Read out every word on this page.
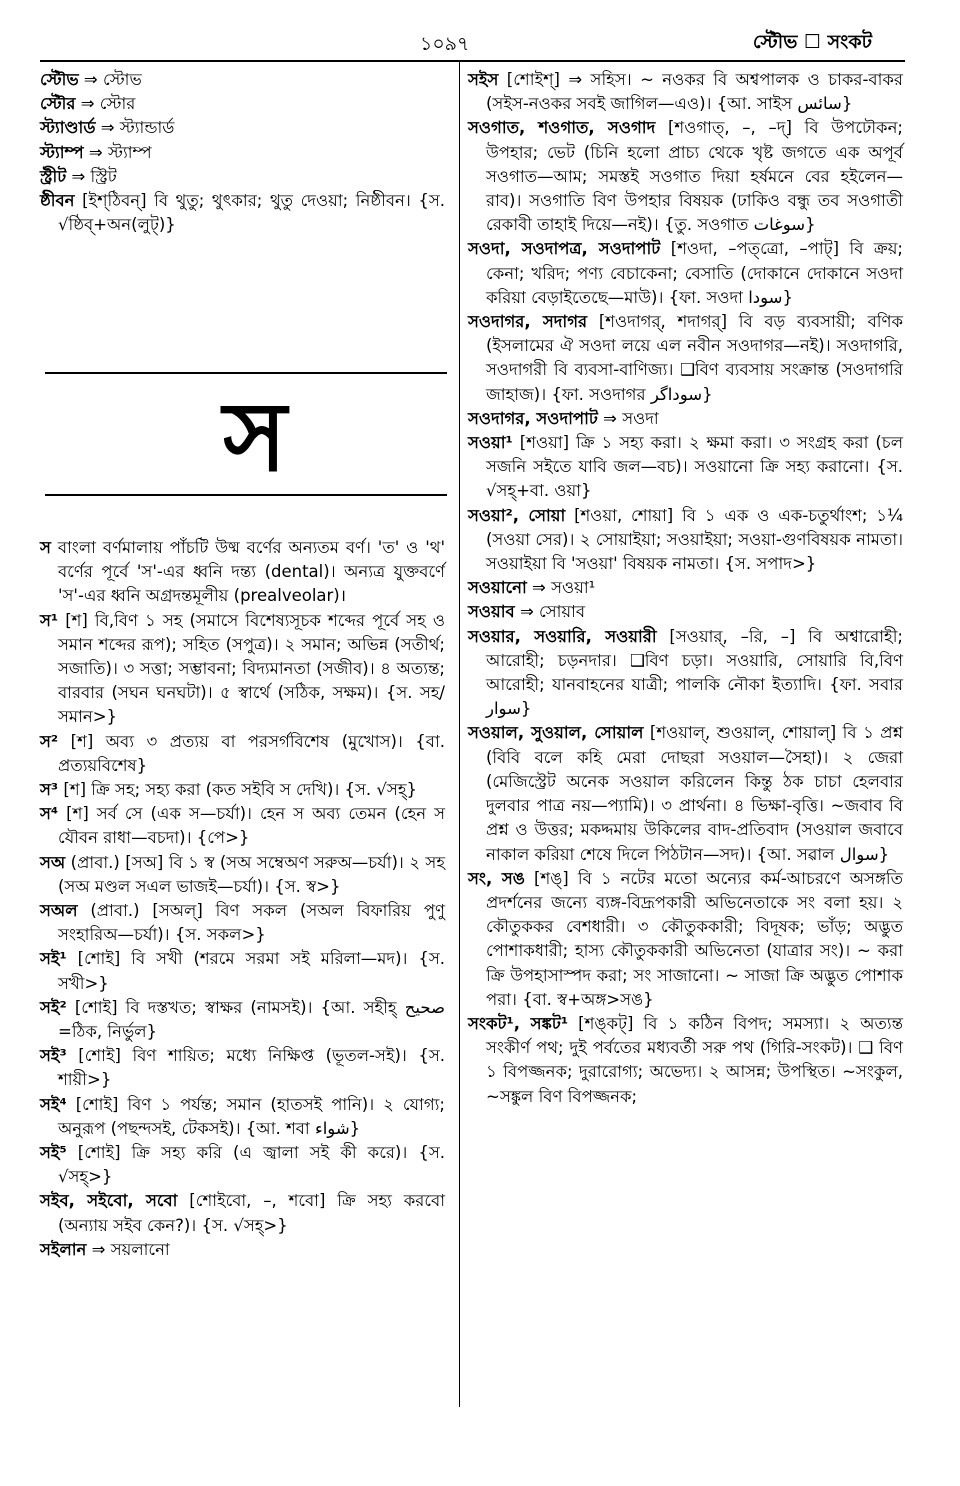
১০৯৭	স্টৌভ ☐ সংকট

স্টৌভ ⇒ স্টোভ

স্টৌর ⇒ স্টোর

স্ট্যাণ্ডার্ড ⇒ স্ট্যান্ডার্ড

স্ট্যাম্প ⇒ স্ট্যাম্প

স্ট্রীট ⇒ স্ট্রিট

ষ্ঠীবন [ইশ্‌ঠিবন্‌] বি থুতু; থুৎকার; থুতু দেওয়া; নিষ্ঠীবন। {স. √ষ্ঠিব্‌+অন(লুট্‌)}

স

স বাংলা বর্ণমালায় পাঁচটি উষ্ম বর্ণের অন্যতম বর্ণ। 'ত' ও 'থ' বর্ণের পূর্বে 'স'-এর ধ্বনি দন্ত্য (dental)। অন্যত্র যুক্তবর্ণে 'স'-এর ধ্বনি অগ্রদন্তমূলীয় (prealveolar)।

স¹ [শ] বি,বিণ ১ সহ (সমাসে বিশেষ্যসূচক শব্দের পূর্বে সহ ও সমান শব্দের রূপ); সহিত (সপুত্র)। ২ সমান; অভিন্ন (সতীর্থ; সজাতি)। ৩ সত্তা; সম্ভাবনা; বিদ্যমানতা (সজীব)। ৪ অত্যন্ত; বারবার (সঘন ঘনঘটা)। ৫ স্বার্থে (সঠিক, সক্ষম)। {স. সহ/সমান>}

স² [শ] অব্য ৩ প্রত্যয় বা পরসর্গবিশেষ (মুখোস)। {বা. প্রত্যয়বিশেষ}

স³ [শ] ক্রি সহ; সহ্য করা (কত সইবি স দেখি)। {স. √সহ্‌}

স⁴ [শ] সর্ব সে (এক স—চর্যা)। হেন স অব্য তেমন (হেন স যৌবন রাধা—বচদা)। {পে>}

সঅ (প্রাবা.) [সঅ] বি ১ স্ব (সঅ সম্বেঅণ সরুঅ—চর্যা)। ২ সহ (সঅ মণ্ডল সএল ভাজই—চর্যা)। {স. স্ব>}

সঅল (প্রাবা.) [সঅল্‌] বিণ সকল (সঅল বিফারিয় পুণু সংহারিঅ—চর্যা)। {স. সকল>}

সই¹ [শোই] বি সখী (শরমে সরমা সই মরিলা—মদ)। {স. সখী>}

সই² [শোই] বি দস্তখত; স্বাক্ষর (নামসই)। {আ. সহীহ্‌ صحيح =ঠিক, নির্ভুল}

সই³ [শোই] বিণ শায়িত; মধ্যে নিক্ষিপ্ত (ভূতল-সই)। {স. শায়ী>}

সই⁴ [শোই] বিণ ১ পর্যন্ত; সমান (হাতসই পানি)। ২ যোগ্য; অনুরূপ (পছন্দসই, টেকসই)। {আ. শবা شواء}

সই⁵ [শোই] ক্রি সহ্য করি (এ জ্বালা সই কী করে)। {স. √সহ্‌>}

সইব, সইবো, সবো [শোইবো, –, শবো] ক্রি সহ্য করবো (অন্যায় সইব কেন?)। {স. √সহ্‌>}

সইলান ⇒ সয়লানো

সইস [শোইশ্‌] ⇒ সহিস। ~ নওকর বি অশ্বপালক ও চাকর-বাকর (সইস-নওকর সবই জাগিল—এও)। {আ. সাইস سائس}

সওগাত, শওগাত, সওগাদ [শওগাত্‌, –, –দ্‌] বি উপঢৌকন; উপহার; ভেট (চিনি হলো প্রাচ্য থেকে খৃষ্ট জগতে এক অপূর্ব সওগাত—আম; সমস্তই সওগাত দিয়া হর্ষমনে বের হইলেন—রাব)। সওগাতি বিণ উপহার বিষয়ক (ঢাকিও বন্ধু তব সওগাতী রেকাবী তাহাই দিয়ে—নই)। {তু. সওগাত سوغات}

সওদা, সওদাপত্র, সওদাপাট [শওদা, –পত্‌ত্রো, –পাট্‌] বি ক্রয়; কেনা; খরিদ; পণ্য বেচাকেনা; বেসাতি (দোকানে দোকানে সওদা করিয়া বেড়াইতেছে—মাউ)। {ফা. সওদা سودا}

সওদাগর, সদাগর [শওদাগর্‌, শদাগর্‌] বি বড় ব্যবসায়ী; বণিক (ইসলামের ঐ সওদা লয়ে এল নবীন সওদাগর—নই)। সওদাগরি, সওদাগরী বি ব্যবসা-বাণিজ্য। ❑বিণ ব্যবসায় সংক্রান্ত (সওদাগরি জাহাজ)। {ফা. সওদাগর سوداگر}

সওদাগর, সওদাপাট ⇒ সওদা

সওয়া¹ [শওয়া] ক্রি ১ সহ্য করা। ২ ক্ষমা করা। ৩ সংগ্রহ করা (চল সজনি সইতে যাবি জল—বচ)। সওয়ানো ক্রি সহ্য করানো। {স. √সহ্‌+বা. ওয়া}

সওয়া², সোয়া [শওয়া, শোয়া] বি ১ এক ও এক-চতুর্থাংশ; ১¼ (সওয়া সের)। ২ সোয়াইয়া; সওয়াইয়া; সওয়া-গুণবিষয়ক নামতা। সওয়াইয়া বি 'সওয়া' বিষয়ক নামতা। {স. সপাদ>}

সওয়ানো ⇒ সওয়া¹

সওয়াব ⇒ সোয়াব

সওয়ার, সওয়ারি, সওয়ারী [সওয়ার্‌, –রি, –] বি অশ্বারোহী; আরোহী; চড়নদার। ❑বিণ চড়া। সওয়ারি, সোয়ারি বি,বিণ আরোহী; যানবাহনের যাত্রী; পালকি নৌকা ইত্যাদি। {ফা. সবার سوار}

সওয়াল, সুওয়াল, সোয়াল [শওয়াল্‌, শুওয়াল্‌, শোয়াল্‌] বি ১ প্রশ্ন (বিবি বলে কহি মেরা দোছরা সওয়াল—সৈহা)। ২ জেরা (মেজিস্ট্রেট অনেক সওয়াল করিলেন কিন্তু ঠক চাচা হেলবার দুলবার পাত্র নয়—প্যামি)। ৩ প্রার্থনা। ৪ ভিক্ষা-বৃত্তি। ~জবাব বি প্রশ্ন ও উত্তর; মকদ্দমায় উকিলের বাদ-প্রতিবাদ (সওয়াল জবাবে নাকাল করিয়া শেষে দিলে পিঠটান—সদ)। {আ. সৱাল سوال}

সং, সঙ [শঙ্‌] বি ১ নটের মতো অন্যের কর্ম-আচরণে অসঙ্গতি প্রদর্শনের জন্যে ব্যঙ্গ-বিদ্রূপকারী অভিনেতাকে সং বলা হয়। ২ কৌতুককর বেশধারী। ৩ কৌতুককারী; বিদূষক; ভাঁড়; অদ্ভুত পোশাকধারী; হাস্য কৌতুককারী অভিনেতা (যাত্রার সং)। ~ করা ক্রি উপহাসাস্পদ করা; সং সাজানো। ~ সাজা ক্রি অদ্ভুত পোশাক পরা। {বা. স্ব+অঙ্গ>সঙ}

সংকট¹, সঙ্কট¹ [শঙ্‌কট্‌] বি ১ কঠিন বিপদ; সমস্যা। ২ অত্যন্ত সংকীর্ণ পথ; দুই পর্বতের মধ্যবর্তী সরু পথ (গিরি-সংকট)। ❑ বিণ ১ বিপজ্জনক; দুরারোগ্য; অভেদ্য। ২ আসন্ন; উপস্থিত। ~সংকুল, ~সঙ্কুল বিণ বিপজ্জনক;
